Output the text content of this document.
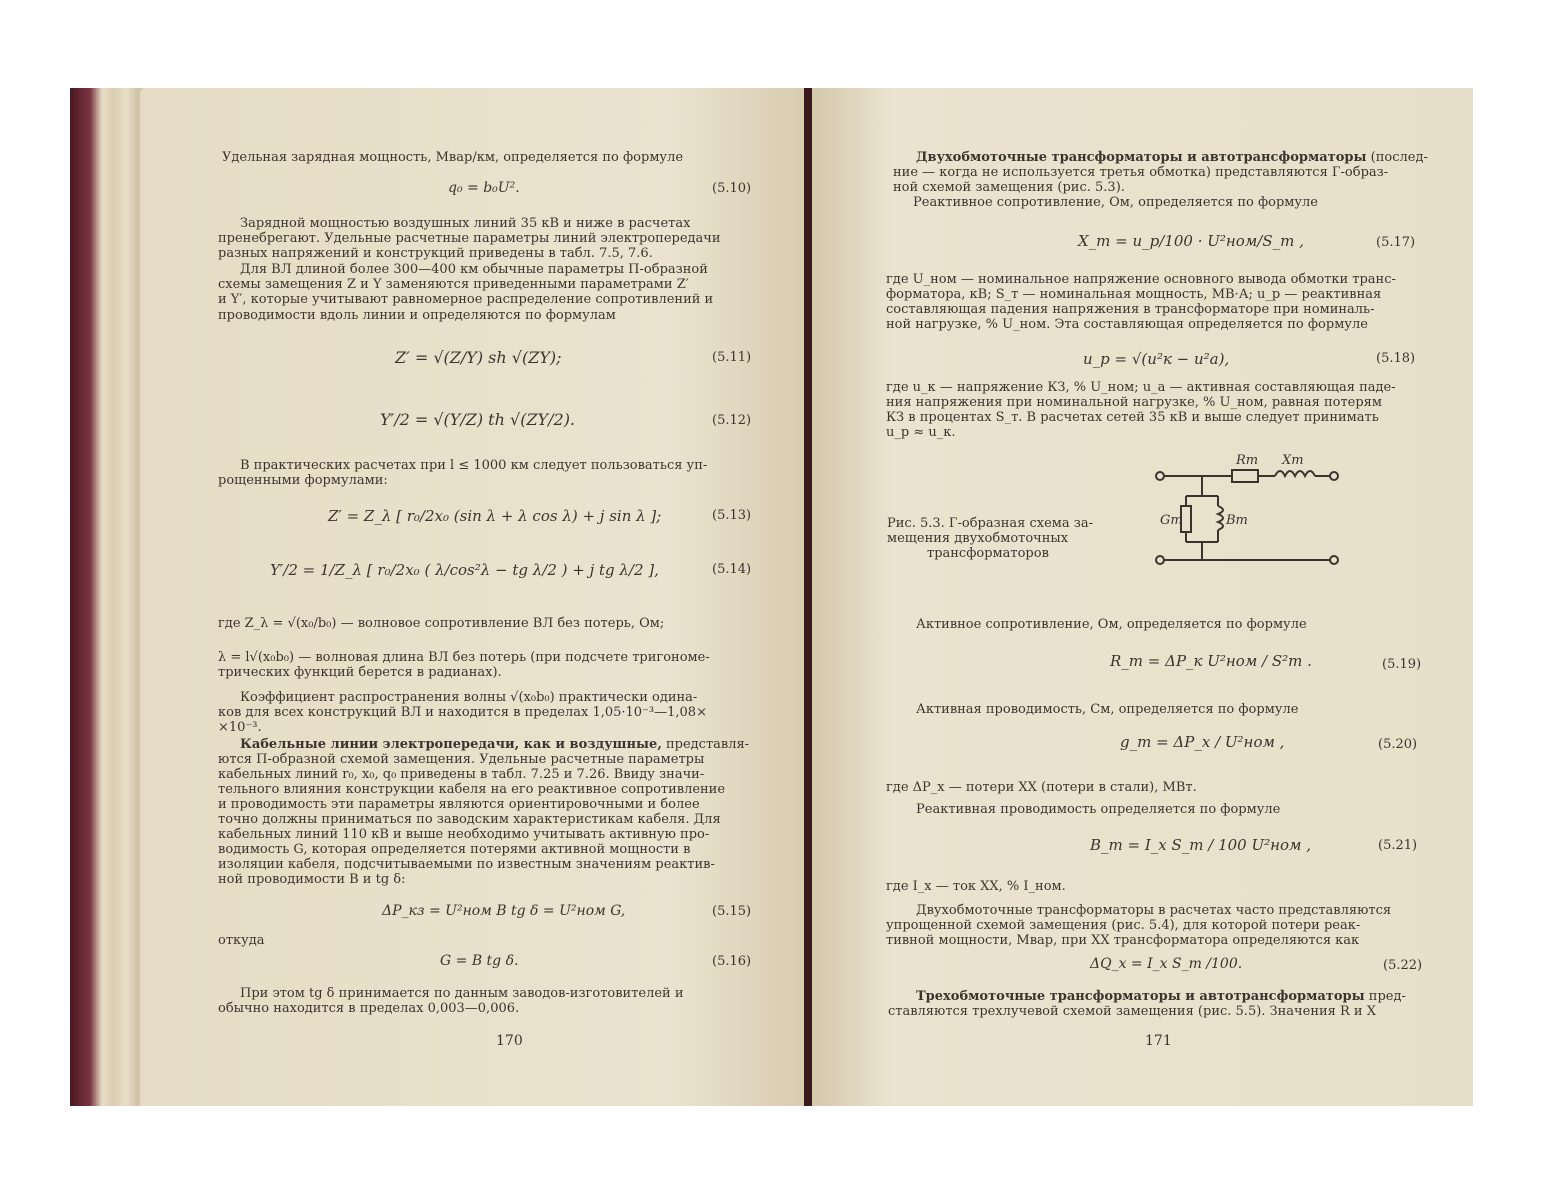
Удельная зарядная мощность, Мвар/км, определяется по формуле
q₀ = b₀U².	(5.10)
Зарядной мощностью воздушных линий 35 кВ и ниже в расчетах
пренебрегают. Удельные расчетные параметры линий электропередачи
разных напряжений и конструкций приведены в табл. 7.5, 7.6.
Для ВЛ длиной более 300—400 км обычные параметры П-образной
схемы замещения Z и Y заменяются приведенными параметрами Z′
и Y′, которые учитывают равномерное распределение сопротивлений и
проводимости вдоль линии и определяются по формулам
Z′ = √(Z/Y) sh √(ZY);	(5.11)
Y′/2 = √(Y/Z) th √(ZY/2).	(5.12)
В практических расчетах при l ≤ 1000 км следует пользоваться уп-
рощенными формулами:
Z′ = Z_λ [ r₀/2x₀ (sin λ + λ cos λ) + j sin λ ];	(5.13)
Y′/2 = 1/Z_λ [ r₀/2x₀ ( λ/cos²λ − tg λ/2 ) + j tg λ/2 ],	(5.14)
где Z_λ = √(x₀/b₀) — волновое сопротивление ВЛ без потерь, Ом;
λ = l√(x₀b₀) — волновая длина ВЛ без потерь (при подсчете тригономе-
трических функций берется в радианах).
Коэффициент распространения волны √(x₀b₀) практически одина-
ков для всех конструкций ВЛ и находится в пределах 1,05·10⁻³—1,08×
×10⁻³.
Кабельные линии электропередачи, как и воздушные, представля-
ются П-образной схемой замещения. Удельные расчетные параметры
кабельных линий r₀, x₀, q₀ приведены в табл. 7.25 и 7.26. Ввиду значи-
тельного влияния конструкции кабеля на его реактивное сопротивление
и проводимость эти параметры являются ориентировочными и более
точно должны приниматься по заводским характеристикам кабеля. Для
кабельных линий 110 кВ и выше необходимо учитывать активную про-
водимость G, которая определяется потерями активной мощности в
изоляции кабеля, подсчитываемыми по известным значениям реактив-
ной проводимости B и tg δ:
ΔP_кз = U²ном B tg δ = U²ном G,	(5.15)
откуда
G = B tg δ.	(5.16)
При этом tg δ принимается по данным заводов-изготовителей и
обычно находится в пределах 0,003—0,006.
170
Двухобмоточные трансформаторы и автотрансформаторы (послед-
ние — когда не используется третья обмотка) представляются Г-образ-
ной схемой замещения (рис. 5.3).
Реактивное сопротивление, Ом, определяется по формуле
X_т = u_р/100 · U²ном/S_т ,	(5.17)
где U_ном — номинальное напряжение основного вывода обмотки транс-
форматора, кВ; S_т — номинальная мощность, МВ·А; u_р — реактивная
составляющая падения напряжения в трансформаторе при номиналь-
ной нагрузке, % U_ном. Эта составляющая определяется по формуле
u_р = √(u²к − u²а),	(5.18)
где u_к — напряжение КЗ, % U_ном; u_а — активная составляющая паде-
ния напряжения при номинальной нагрузке, % U_ном, равная потерям
КЗ в процентах S_т. В расчетах сетей 35 кВ и выше следует принимать
u_р ≈ u_к.
Рис. 5.3. Г-образная схема за-
мещения двухобмоточных
трансформаторов
Rт Xт
Gт	Bт
Активное сопротивление, Ом, определяется по формуле
R_т = ΔP_к U²ном / S²т .	(5.19)
Активная проводимость, См, определяется по формуле
g_т = ΔP_х / U²ном ,	(5.20)
где ΔP_х — потери ХХ (потери в стали), МВт.
Реактивная проводимость определяется по формуле
B_т = I_х S_т / 100 U²ном ,	(5.21)
где I_х — ток ХХ, % I_ном.
Двухобмоточные трансформаторы в расчетах часто представляются
упрощенной схемой замещения (рис. 5.4), для которой потери реак-
тивной мощности, Мвар, при ХХ трансформатора определяются как
ΔQ_х = I_х S_т /100.	(5.22)
Трехобмоточные трансформаторы и автотрансформаторы пред-
ставляются трехлучевой схемой замещения (рис. 5.5). Значения R и X
171
